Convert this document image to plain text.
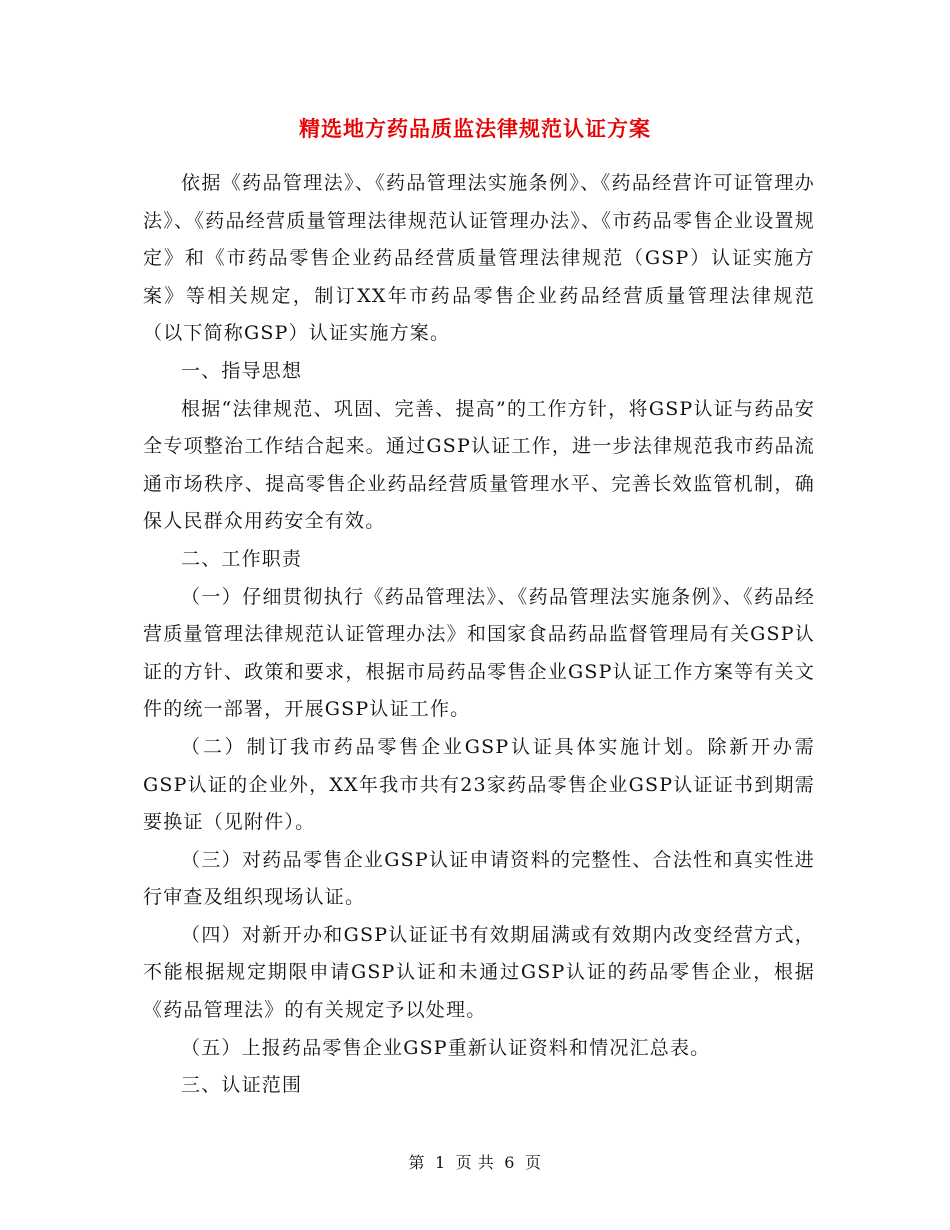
精选地方药品质监法律规范认证方案

依据《药品管理法》、《药品管理法实施条例》、《药品经营许可证管理办法》、《药品经营质量管理法律规范认证管理办法》、《市药品零售企业设置规定》和《市药品零售企业药品经营质量管理法律规范（GSP）认证实施方案》等相关规定，制订XX年市药品零售企业药品经营质量管理法律规范（以下简称GSP）认证实施方案。

一、指导思想

根据“法律规范、巩固、完善、提高”的工作方针，将GSP认证与药品安全专项整治工作结合起来。通过GSP认证工作，进一步法律规范我市药品流通市场秩序、提高零售企业药品经营质量管理水平、完善长效监管机制，确保人民群众用药安全有效。

二、工作职责

（一）仔细贯彻执行《药品管理法》、《药品管理法实施条例》、《药品经营质量管理法律规范认证管理办法》和国家食品药品监督管理局有关GSP认证的方针、政策和要求，根据市局药品零售企业GSP认证工作方案等有关文件的统一部署，开展GSP认证工作。

（二）制订我市药品零售企业GSP认证具体实施计划。除新开办需GSP认证的企业外，XX年我市共有23家药品零售企业GSP认证证书到期需要换证（见附件）。

（三）对药品零售企业GSP认证申请资料的完整性、合法性和真实性进行审查及组织现场认证。

（四）对新开办和GSP认证证书有效期届满或有效期内改变经营方式，不能根据规定期限申请GSP认证和未通过GSP认证的药品零售企业，根据《药品管理法》的有关规定予以处理。

（五）上报药品零售企业GSP重新认证资料和情况汇总表。

三、认证范围

第 1 页 共 6 页
